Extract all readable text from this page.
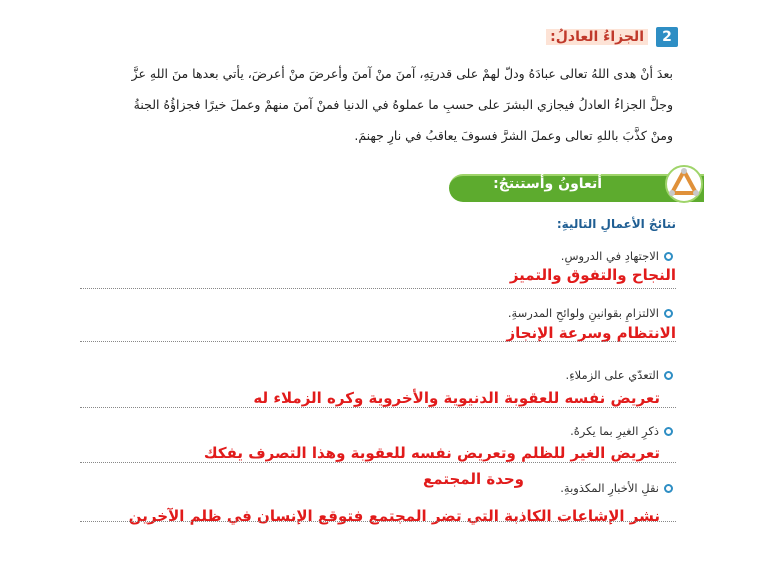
2
الجزاءُ العادلُ:
بعدَ أنْ هدى اللهُ تعالى عبادَهُ ودلّ لهمْ على قدرتِهِ، آمنَ منْ آمنَ وأعرضَ منْ أعرضَ، يأتي بعدها منَ اللهِ عزَّ
وجلَّ الجزاءُ العادلُ فيجازي البشرَ على حسبِ ما عملوهُ في الدنيا فمنْ آمنَ منهمْ وعملَ خيرًا فجزاؤُهُ الجنةُ
ومنْ كذَّبَ باللهِ تعالى وعملَ الشرَّ فسوفَ يعاقبُ في نارِ جهنمَ.
أتعاونُ وأستنتجُ:
نتائجُ الأعمالِ التاليةِ:
الاجتهادِ في الدروسِ.
النجاح والتفوق والتميز
الالتزامِ بقوانينِ ولوائحِ المدرسةِ.
الانتظام وسرعة الإنجاز
التعدّي على الزملاءِ.
تعريض نفسه للعقوبة الدنيوية والأخروية وكره الزملاء له
ذكرِ الغيرِ بما يكرهُ.
تعريض الغير للظلم وتعريض نفسه للعقوبة وهذا التصرف يفكك
وحدة المجتمع	نقلِ الأخبارِ المكذوبةِ.
نشر الإشاعات الكاذبة التي تضر المجتمع فتوقع الإنسان في ظلم الآخرين
